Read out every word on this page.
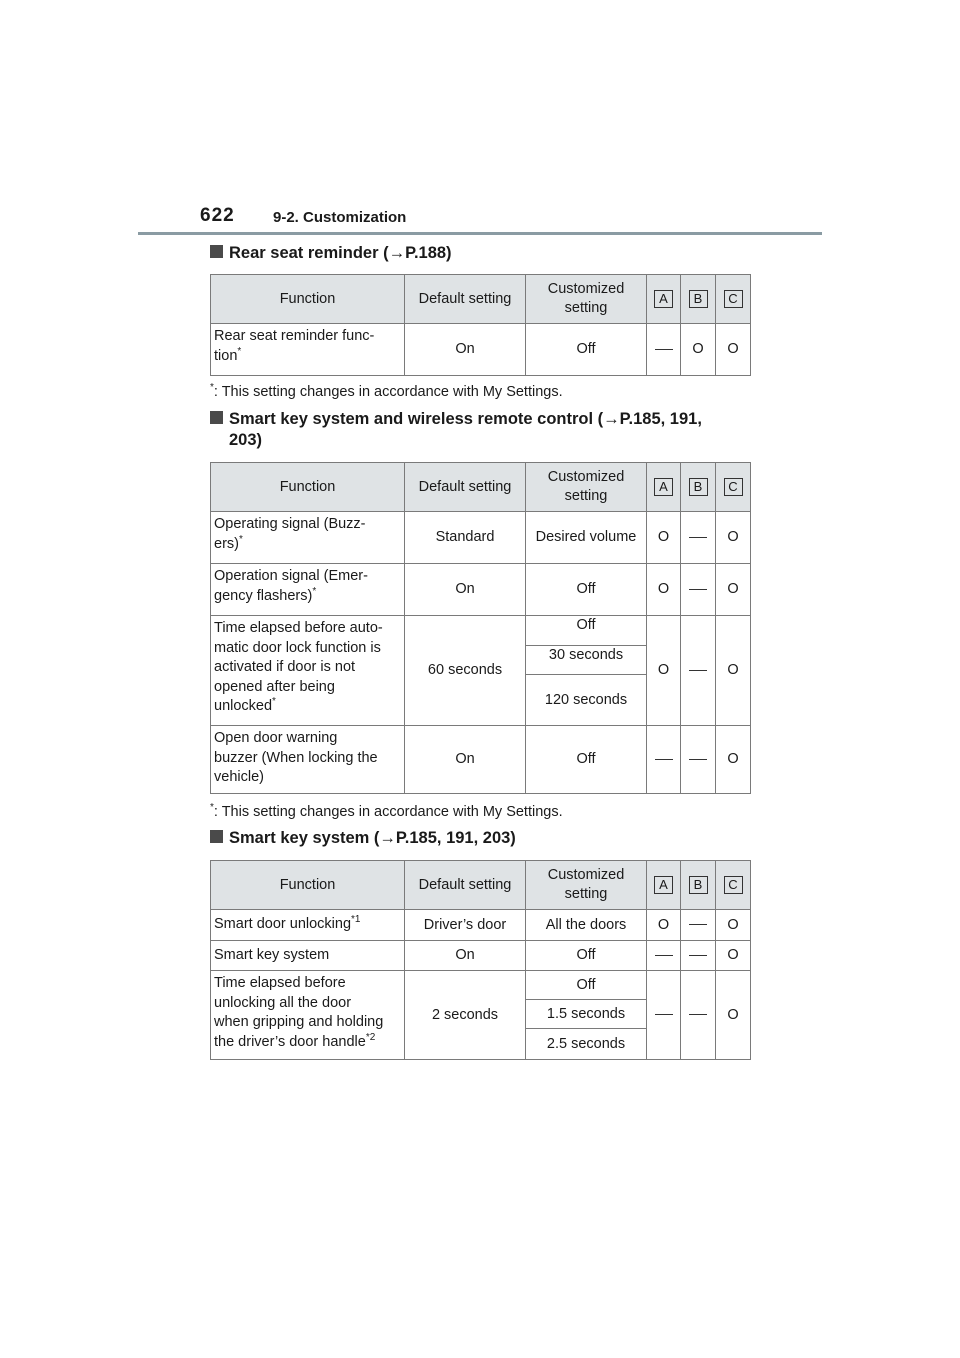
622	9-2. Customization
Rear seat reminder (→P.188)
Function	Default setting	Customized setting	A	B	C
Rear seat reminder func-
tion*	On	Off		O	O
*: This setting changes in accordance with My Settings.
Smart key system and wireless remote control (→P.185, 191,
203)
Function	Default setting	Customized setting	A	B	C
Operating signal (Buzz-
ers)*	Standard	Desired volume	O		O
Operation signal (Emer-
gency flashers)*	On	Off	O		O
Time elapsed before auto-
matic door lock function is
activated if door is not
opened after being
unlocked*	60 seconds	Off	O		O
		30 seconds			
		120 seconds			
Open door warning
buzzer (When locking the
vehicle)	On	Off			O
*: This setting changes in accordance with My Settings.
Smart key system (→P.185, 191, 203)
Function	Default setting	Customized setting	A	B	C
Smart door unlocking$^{*1}$	Driver’s door	All the doors	O		O
Smart key system	On	Off			O
Time elapsed before
unlocking all the door
when gripping and holding
the driver’s door handle$^{*2}$	2 seconds	Off			O
		1.5 seconds			
		2.5 seconds			
